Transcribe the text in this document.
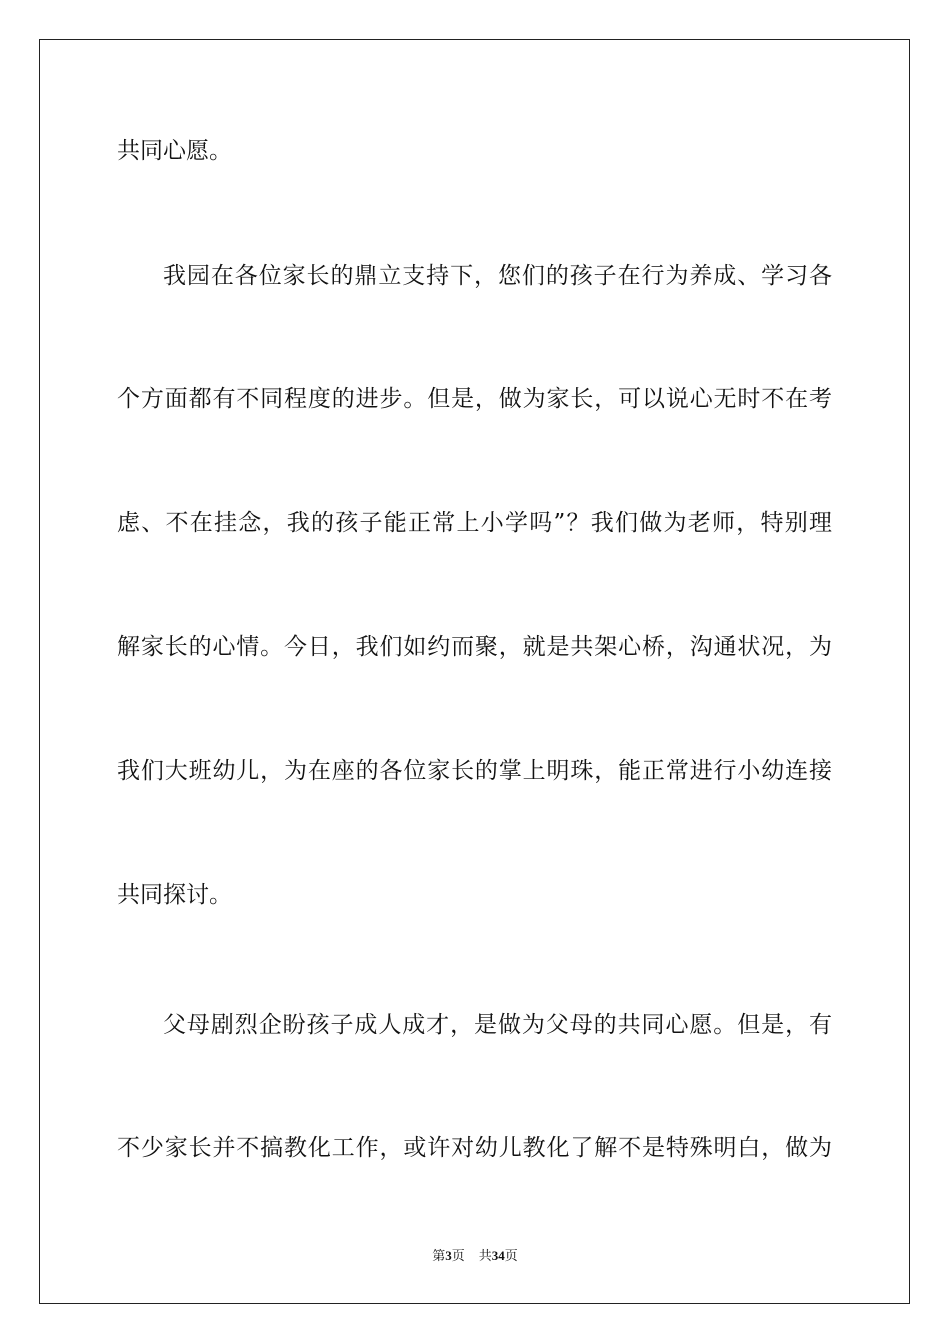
共同心愿。
我园在各位家长的鼎立支持下，您们的孩子在行为养成、学习各
个方面都有不同程度的进步。但是，做为家长，可以说心无时不在考
虑、不在挂念，我的孩子能正常上小学吗”？我们做为老师，特别理
解家长的心情。今日，我们如约而聚，就是共架心桥，沟通状况，为
我们大班幼儿，为在座的各位家长的掌上明珠，能正常进行小幼连接
共同探讨。
父母剧烈企盼孩子成人成才，是做为父母的共同心愿。但是，有
不少家长并不搞教化工作，或许对幼儿教化了解不是特殊明白，做为
第3页 共34页
